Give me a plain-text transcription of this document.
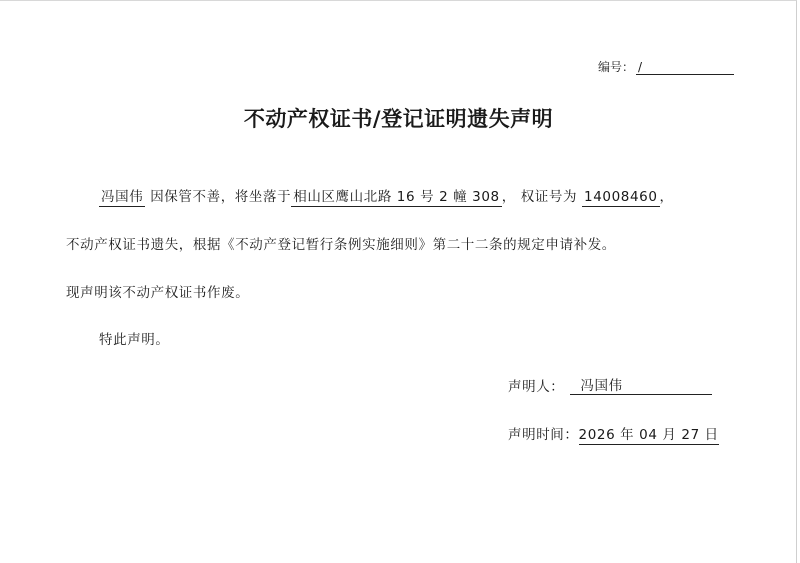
编号： /
不动产权证书/登记证明遗失声明
冯国伟 因保管不善，将坐落于 相山区鹰山北路 16 号 2 幢 308 ， 权证号为 14008460 ，
不动产权证书遗失，根据《不动产登记暂行条例实施细则》第二十二条的规定申请补发。
现声明该不动产权证书作废。
特此声明。
声明人：	冯国伟
声明时间：2026 年 04 月 27 日
